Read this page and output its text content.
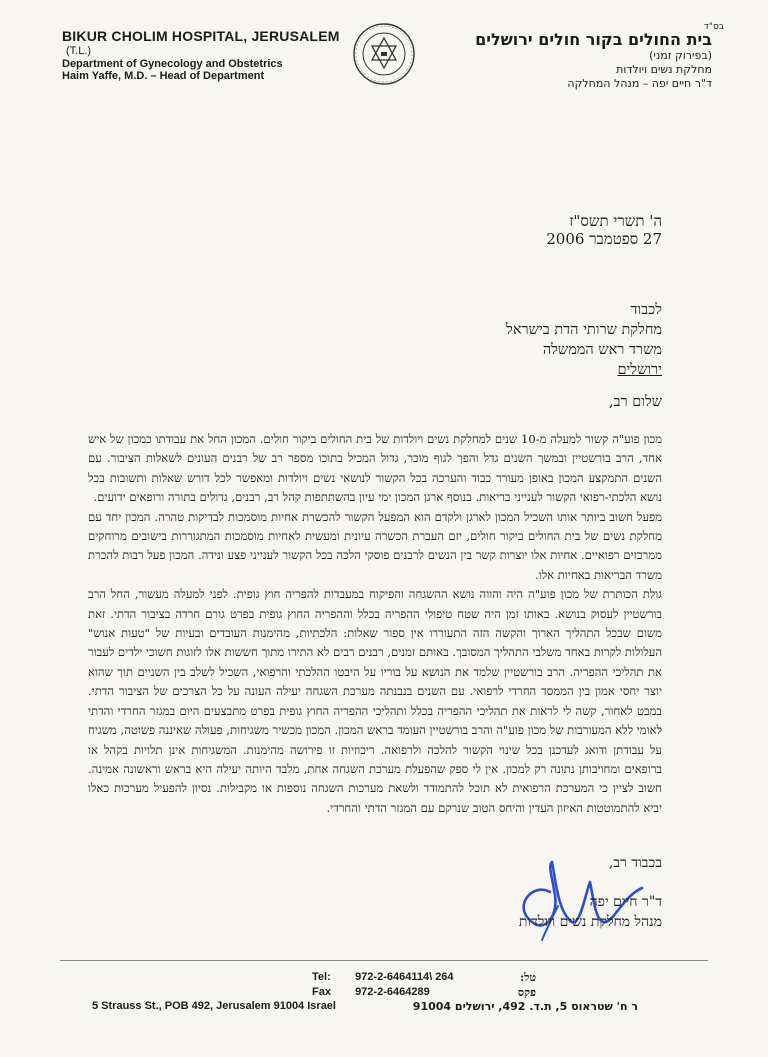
BIKUR CHOLIM HOSPITAL, JERUSALEM

(T.L.)

Department of Gynecology and Obstetrics

Haim Yaffe, M.D. – Head of Department

בס"ד

בית החולים בקור חולים ירושלים

(בפירוק זמני)

מחלקת נשים ויולדות

ד"ר חיים יפה – מנהל המחלקה

ה' תשרי תשס"ז
27 ספטמבר 2006
לכבוד
מחלקת שרותי הדת בישראל
משרד ראש הממשלה
ירושלים
שלום רב,

מכון פוע"ה קשור למעלה מ-10 שנים למחלקת נשים ויולדות של בית החולים ביקור חולים. המכון החל את עבודתו כמכון של איש אחד, הרב בורשטיין ובמשך השנים גדל והפך לגוף מוכר, גדול המכיל בתוכו מספר רב של רבנים העונים לשאלות הציבור. עם השנים התמקצע המכון באופן מעורר כבוד והערכה בכל הקשור לנושאי נשים ויולדות ומאפשר לכל דורש שאלות ותשובות בכל נושא הלכתי-רפואי הקשור לענייני בריאות. בנוסף ארגן המכון ימי עיון בהשתתפות קהל רב, רבנים, גדולים בתורה ורופאים ידועים.

מפעל חשוב ביותר אותו השכיל המכון לארגן ולקדם הוא המפעל הקשור להכשרת אחיות מוסמכות לבדיקות טהרה. המכון יחד עם מחלקת נשים של בית החולים ביקור חולים, יזם העברת הכשרה עיונית ומעשית לאחיות מוסמכות המתגוררות בישובים מרוחקים ממרכזים רפואיים. אחיות אלו יוצרות קשר בין הנשים לרבנים פוסקי הלכה בכל הקשור לענייני פצע ונידה. המכון פעל רבות להכרת משרד הבריאות באחיות אלו.

גולת הכותרת של מכון פוע"ה היה והווה נושא ההשגחה והפיקוח במעבדות להפריה חוץ גופית. לפני למעלה מעשור, החל הרב בורשטיין לעסוק בנושא. באותו זמן היה שטח טיפולי ההפריה בכלל וההפריה החוץ גופית בפרט גורם חרדה בציבור הדתי. זאת משום שבכל התהליך הארוך והקשה הזה התעוררו אין ספור שאלות: הלכתיות, מהימנות העובדים ובעיות של "טעות אנוש" העלולות לקרות באחד משלבי התהליך המסובך. באותם זמנים, רבנים רבים לא התירו מתוך חששות אלו לזוגות חשוכי ילדים לעבור את תהליכי ההפריה. הרב בורשטיין שלמד את הנושא על בוריו על היבטו ההלכתי והרפואי, השכיל לשלב בין השניים תוך שהוא יוצר יחסי אמון בין הממסד החרדי לרפואי. עם השנים בנבנתה מערכת השגחה יעילה העונה על כל הצרכים של הציבור הדתי. במבט לאחור, קשה לי לראות את תהליכי ההפריה בכלל ותהליכי ההפריה החוץ גופית בפרט מתבצעים היום במגזר החרדי והדתי לאומי ללא המעורבות של מכון פוע"ה והרב בורשטיין העומד בראש המכון. המכון מכשיר משגיחות, פעולה שאיננה פשוטה, משגיח על עבודתן ודואג לעדכנן בכל שינוי הקשור להלכה ולרפואה. ריכוזיות זו פירושה מהימנות. המשגיחות אינן תלויות בקהל או ברופאים ומחויבותן נתונה רק למכון. אין לי ספק שהפעלת מערכת השגחה אחת, מלבד היותה יעילה היא בראש וראשונה אמינה. חשוב לציין כי המערכת הרפואית לא תוכל להתמודד ולשאת מערכות השגחה נוספות או מקבילות. נסיון להפעיל מערכות כאלו יביא להתמוטטות האיזון העדין והיחס הטוב שנרקם עם המגזר הדתי והחרדי.

בכבוד רב,
ד"ר חיים יפה
מנהל מחלקת נשים ויולדות
Tel: 972-2-6464114\ 264
Fax 972-2-6464289
טל:
פקס
5 Strauss St., POB 492, Jerusalem 91004 Israel	ר ח' שטראוס 5, ת.ד. 492, ירושלים 91004
